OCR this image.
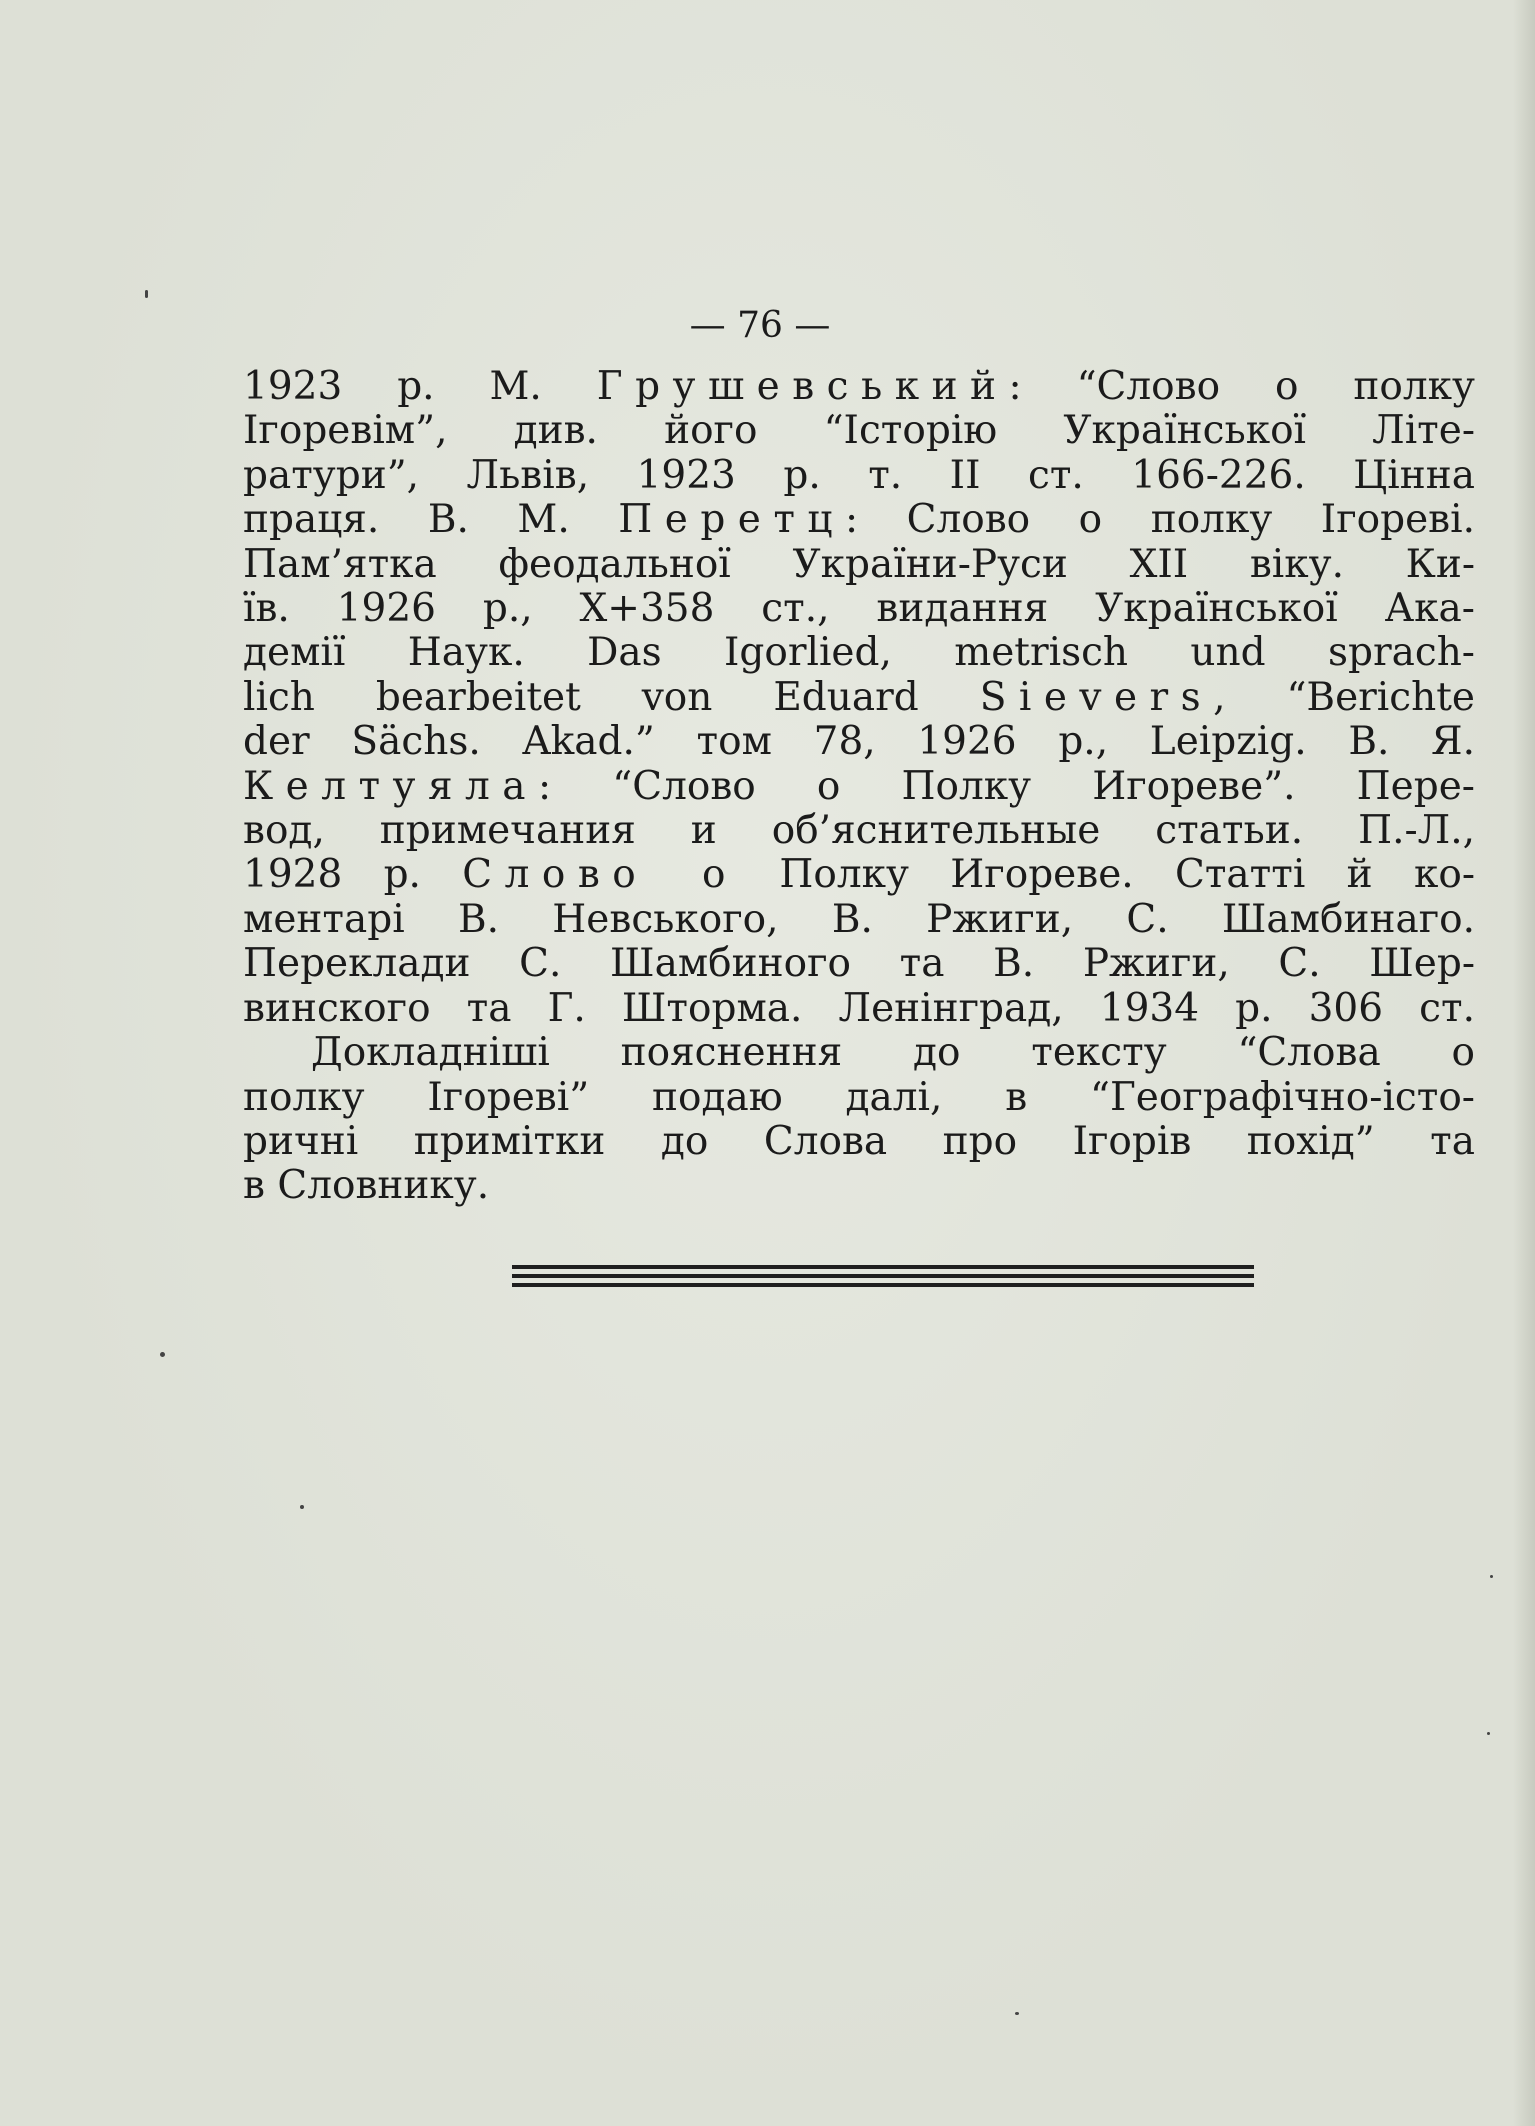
— 76 —
1923 р. М. Грушевський: “Слово о полку
Ігоревім”, див. його “Історію Української Літе-
ратури”, Львів, 1923 р. т. II ст. 166-226. Цінна
праця. В. М. Перетц: Слово о полку Ігореві.
Пам’ятка феодальної України-Руси XII віку. Ки-
їв. 1926 р., X+358 ст., видання Української Ака-
демії Наук. Das Igorlied, metrisch und sprach-
lich bearbeitet von Eduard Sievers, “Berichte
der Sächs. Akad.” том 78, 1926 р., Leipzig. В. Я.
Келтуяла: “Слово о Полку Игореве”. Пере-
вод, примечания и об’яснительные статьи. П.-Л.,
1928 р. Слово о Полку Игореве. Статті й ко-
ментарі В. Невського, В. Ржиги, С. Шамбинаго.
Переклади С. Шамбиного та В. Ржиги, С. Шер-
винского та Г. Шторма. Ленінград, 1934 р. 306 ст.
Докладніші пояснення до тексту “Слова о
полку Ігореві” подаю далі, в “Географічно-істо-
ричні примітки до Слова про Ігорів похід” та
в Словнику.
